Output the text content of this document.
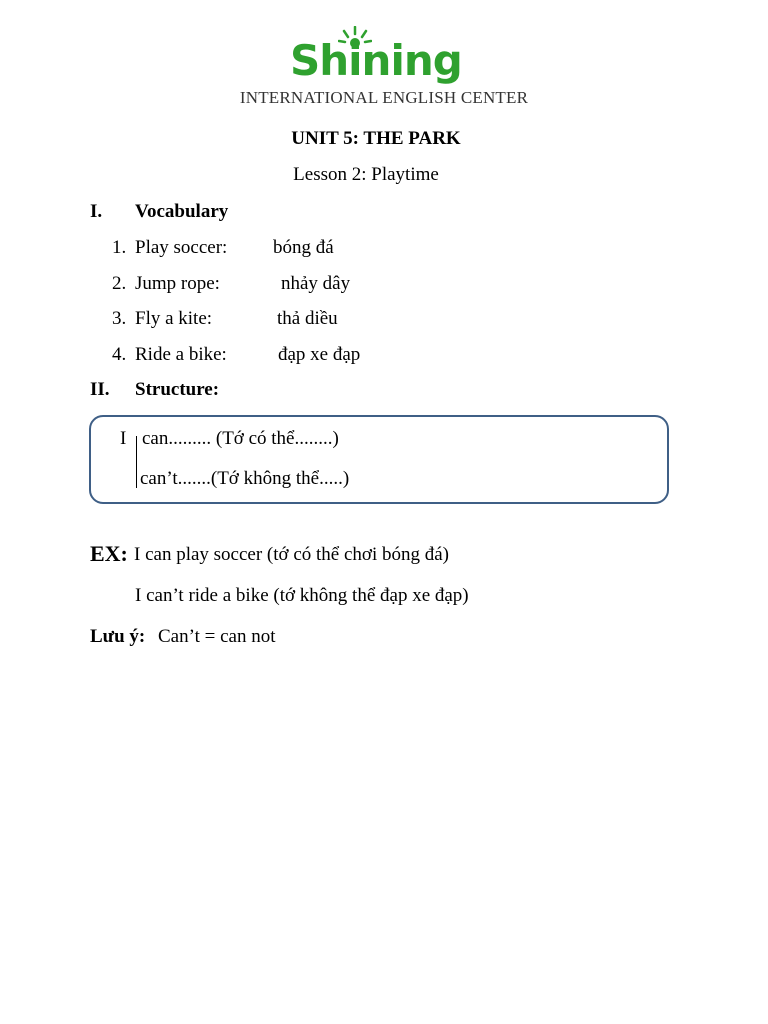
Shining
INTERNATIONAL ENGLISH CENTER
UNIT 5: THE PARK
Lesson 2: Playtime
I. Vocabulary
1. Play soccer: bóng đá
2. Jump rope:	nhảy dây
3. Fly a kite:	thả diều
4. Ride a bike:	đạp xe đạp
II. Structure:
I can......... (Tớ có thể........)
can’t.......(Tớ không thể.....)
EX: I can play soccer (tớ có thể chơi bóng đá)
I can’t ride a bike (tớ không thể đạp xe đạp)
Lưu ý: Can’t = can not
